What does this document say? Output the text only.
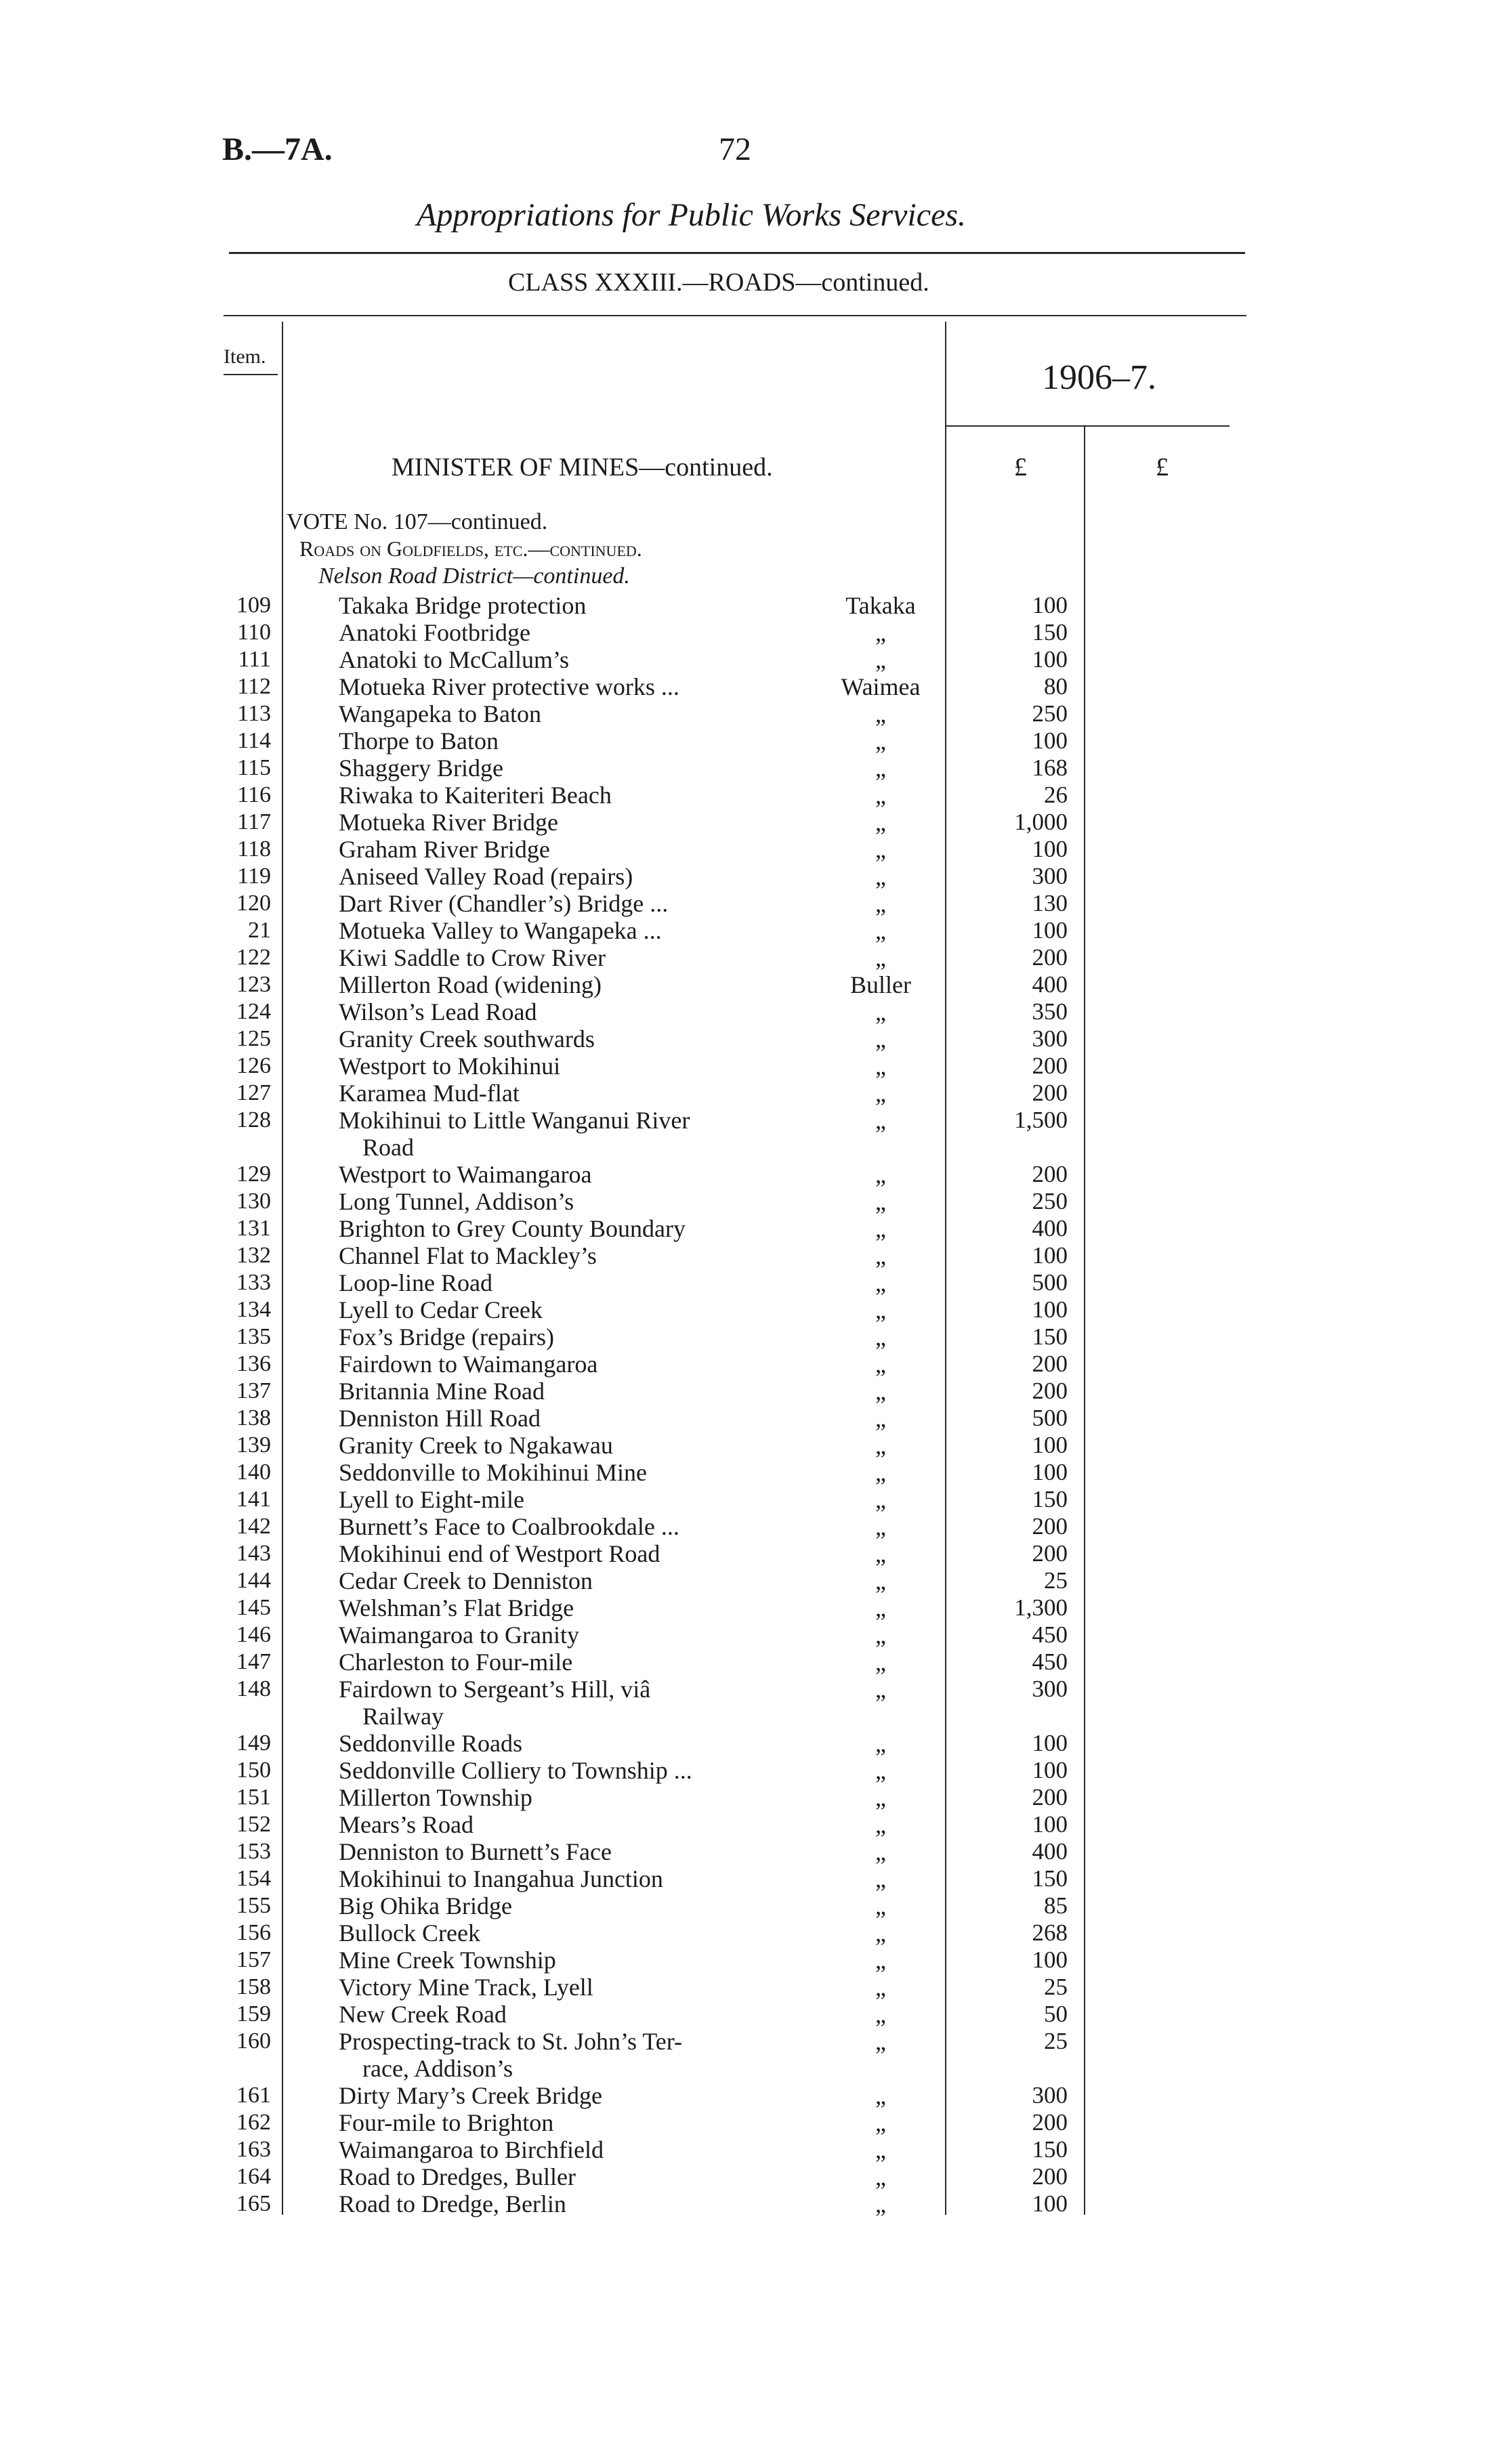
B.—7A.	72
Appropriations for Public Works Services.
CLASS XXXIII.—ROADS—continued.
Item.
1906–7.
MINISTER OF MINES—continued.	£	£
VOTE No. 107—continued.
Roads on Goldfields, etc.—continued.
Nelson Road District—continued.
109	Takaka Bridge protection	Takaka	100
110	Anatoki Footbridge	„	150
111	Anatoki to McCallum’s	„	100
112	Motueka River protective works ...	Waimea	80
113	Wangapeka to Baton	„	250
114	Thorpe to Baton	„	100
115	Shaggery Bridge	„	168
116	Riwaka to Kaiteriteri Beach	„	26
117	Motueka River Bridge	„	1,000
118	Graham River Bridge	„	100
119	Aniseed Valley Road (repairs)	„	300
120	Dart River (Chandler’s) Bridge ...	„	130
21	Motueka Valley to Wangapeka ...	„	100
122	Kiwi Saddle to Crow River	„	200
123	Millerton Road (widening)	Buller	400
124	Wilson’s Lead Road	„	350
125	Granity Creek southwards	„	300
126	Westport to Mokihinui	„	200
127	Karamea Mud-flat	„	200
128	Mokihinui to Little Wanganui River	„	1,500
Road
129	Westport to Waimangaroa	„	200
130	Long Tunnel, Addison’s	„	250
131	Brighton to Grey County Boundary	„	400
132	Channel Flat to Mackley’s	„	100
133	Loop-line Road	„	500
134	Lyell to Cedar Creek	„	100
135	Fox’s Bridge (repairs)	„	150
136	Fairdown to Waimangaroa	„	200
137	Britannia Mine Road	„	200
138	Denniston Hill Road	„	500
139	Granity Creek to Ngakawau	„	100
140	Seddonville to Mokihinui Mine	„	100
141	Lyell to Eight-mile	„	150
142	Burnett’s Face to Coalbrookdale ...	„	200
143	Mokihinui end of Westport Road	„	200
144	Cedar Creek to Denniston	„	25
145	Welshman’s Flat Bridge	„	1,300
146	Waimangaroa to Granity	„	450
147	Charleston to Four-mile	„	450
148	Fairdown to Sergeant’s Hill, viâ	„	300
Railway
149	Seddonville Roads	„	100
150	Seddonville Colliery to Township ...	„	100
151	Millerton Township	„	200
152	Mears’s Road	„	100
153	Denniston to Burnett’s Face	„	400
154	Mokihinui to Inangahua Junction	„	150
155	Big Ohika Bridge	„	85
156	Bullock Creek	„	268
157	Mine Creek Township	„	100
158	Victory Mine Track, Lyell	„	25
159	New Creek Road	„	50
160	Prospecting-track to St. John’s Ter-	„	25
race, Addison’s
161	Dirty Mary’s Creek Bridge	„	300
162	Four-mile to Brighton	„	200
163	Waimangaroa to Birchfield	„	150
164	Road to Dredges, Buller	„	200
165	Road to Dredge, Berlin	„	100
